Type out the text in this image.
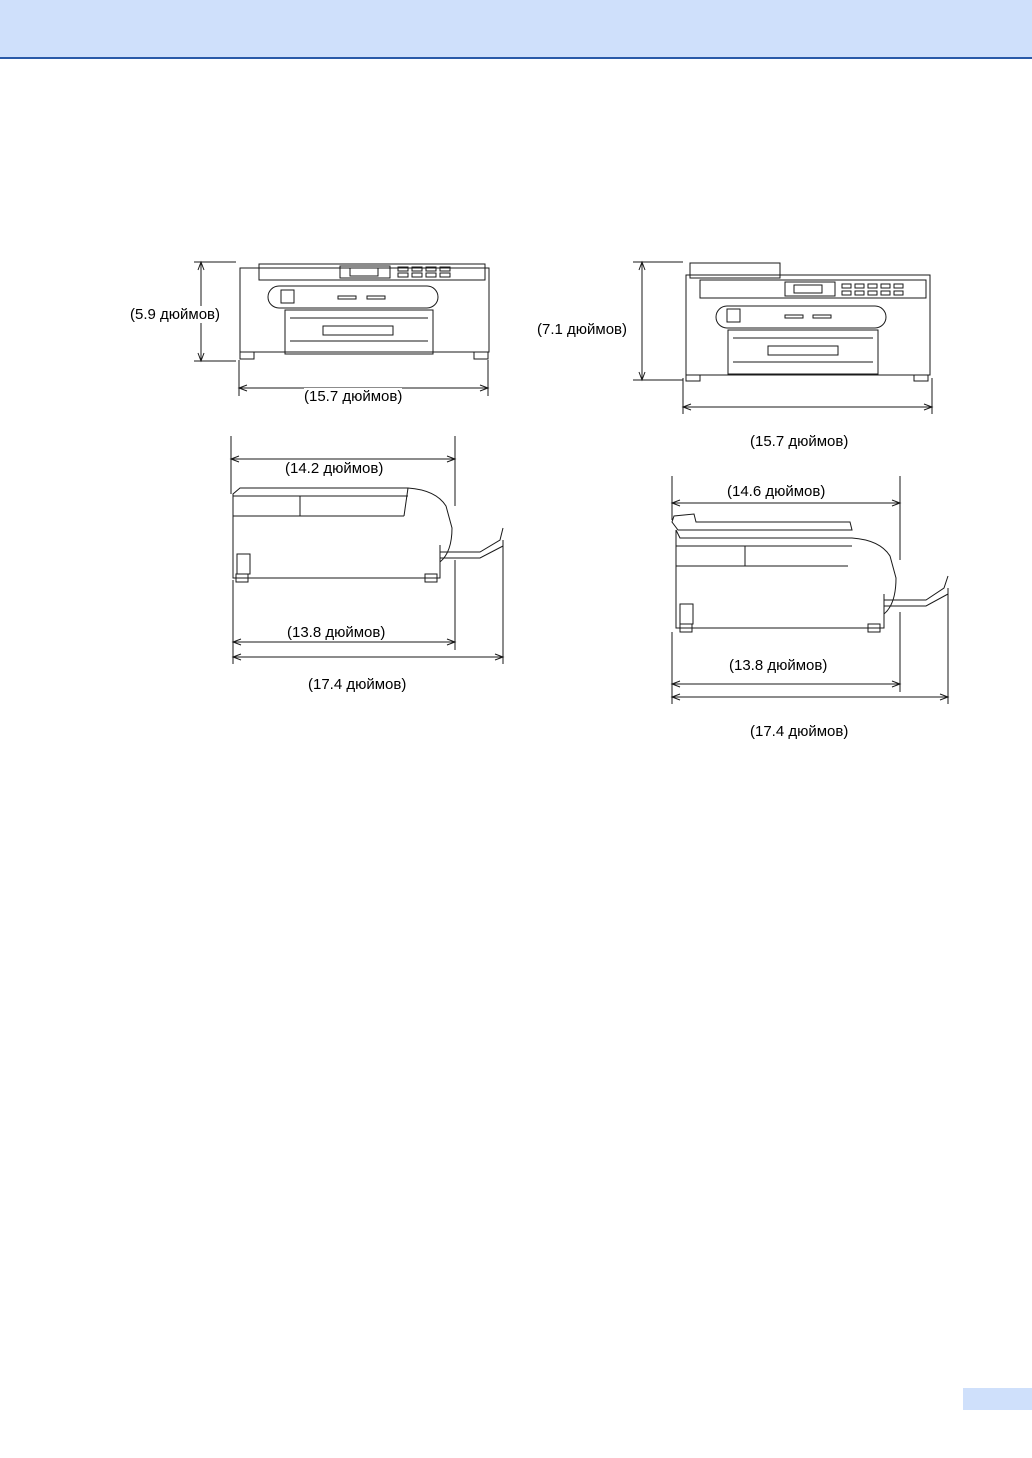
(5.9 дюймов)
(15.7 дюймов)
(7.1 дюймов)
(15.7 дюймов)
(14.2 дюймов)
(13.8 дюймов)
(17.4 дюймов)
(14.6 дюймов)
(13.8 дюймов)
(17.4 дюймов)
